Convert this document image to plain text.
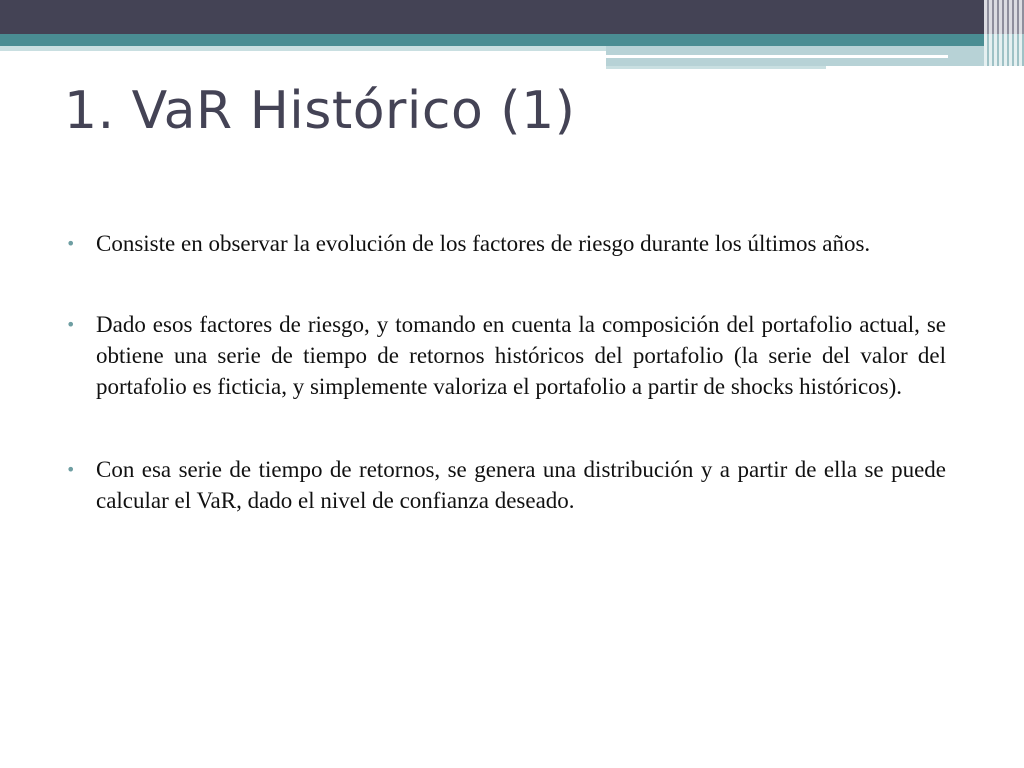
1. VaR Histórico (1)
• Consiste en observar la evolución de los factores de riesgo durante los últimos años.
• Dado esos factores de riesgo, y tomando en cuenta la composición del portafolio actual, se obtiene una serie de tiempo de retornos históricos del portafolio (la serie del valor del portafolio es ficticia, y simplemente valoriza el portafolio a partir de shocks históricos).
• Con esa serie de tiempo de retornos, se genera una distribución y a partir de ella se puede calcular el VaR, dado el nivel de confianza deseado.
